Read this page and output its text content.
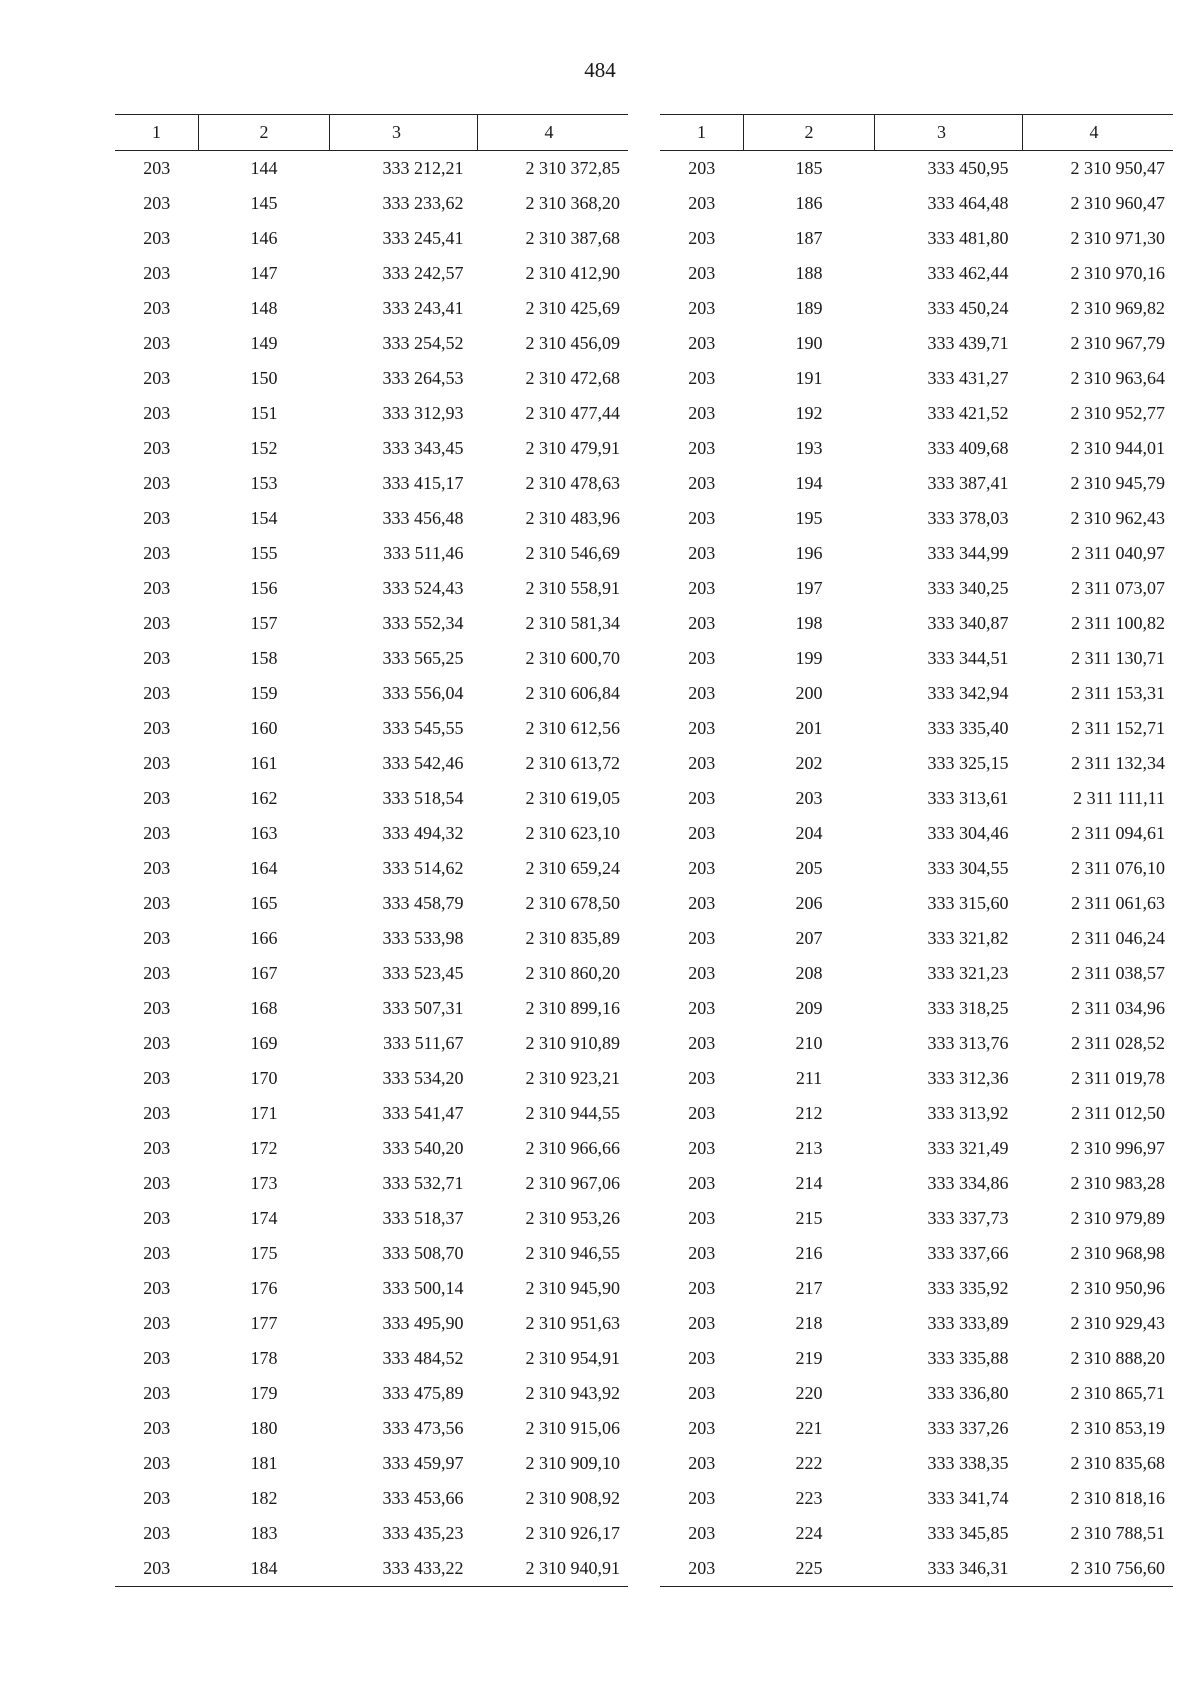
484
1	2	3	4
203	144	333 212,21	2 310 372,85
203	145	333 233,62	2 310 368,20
203	146	333 245,41	2 310 387,68
203	147	333 242,57	2 310 412,90
203	148	333 243,41	2 310 425,69
203	149	333 254,52	2 310 456,09
203	150	333 264,53	2 310 472,68
203	151	333 312,93	2 310 477,44
203	152	333 343,45	2 310 479,91
203	153	333 415,17	2 310 478,63
203	154	333 456,48	2 310 483,96
203	155	333 511,46	2 310 546,69
203	156	333 524,43	2 310 558,91
203	157	333 552,34	2 310 581,34
203	158	333 565,25	2 310 600,70
203	159	333 556,04	2 310 606,84
203	160	333 545,55	2 310 612,56
203	161	333 542,46	2 310 613,72
203	162	333 518,54	2 310 619,05
203	163	333 494,32	2 310 623,10
203	164	333 514,62	2 310 659,24
203	165	333 458,79	2 310 678,50
203	166	333 533,98	2 310 835,89
203	167	333 523,45	2 310 860,20
203	168	333 507,31	2 310 899,16
203	169	333 511,67	2 310 910,89
203	170	333 534,20	2 310 923,21
203	171	333 541,47	2 310 944,55
203	172	333 540,20	2 310 966,66
203	173	333 532,71	2 310 967,06
203	174	333 518,37	2 310 953,26
203	175	333 508,70	2 310 946,55
203	176	333 500,14	2 310 945,90
203	177	333 495,90	2 310 951,63
203	178	333 484,52	2 310 954,91
203	179	333 475,89	2 310 943,92
203	180	333 473,56	2 310 915,06
203	181	333 459,97	2 310 909,10
203	182	333 453,66	2 310 908,92
203	183	333 435,23	2 310 926,17
203	184	333 433,22	2 310 940,91
1	2	3	4
203	185	333 450,95	2 310 950,47
203	186	333 464,48	2 310 960,47
203	187	333 481,80	2 310 971,30
203	188	333 462,44	2 310 970,16
203	189	333 450,24	2 310 969,82
203	190	333 439,71	2 310 967,79
203	191	333 431,27	2 310 963,64
203	192	333 421,52	2 310 952,77
203	193	333 409,68	2 310 944,01
203	194	333 387,41	2 310 945,79
203	195	333 378,03	2 310 962,43
203	196	333 344,99	2 311 040,97
203	197	333 340,25	2 311 073,07
203	198	333 340,87	2 311 100,82
203	199	333 344,51	2 311 130,71
203	200	333 342,94	2 311 153,31
203	201	333 335,40	2 311 152,71
203	202	333 325,15	2 311 132,34
203	203	333 313,61	2 311 111,11
203	204	333 304,46	2 311 094,61
203	205	333 304,55	2 311 076,10
203	206	333 315,60	2 311 061,63
203	207	333 321,82	2 311 046,24
203	208	333 321,23	2 311 038,57
203	209	333 318,25	2 311 034,96
203	210	333 313,76	2 311 028,52
203	211	333 312,36	2 311 019,78
203	212	333 313,92	2 311 012,50
203	213	333 321,49	2 310 996,97
203	214	333 334,86	2 310 983,28
203	215	333 337,73	2 310 979,89
203	216	333 337,66	2 310 968,98
203	217	333 335,92	2 310 950,96
203	218	333 333,89	2 310 929,43
203	219	333 335,88	2 310 888,20
203	220	333 336,80	2 310 865,71
203	221	333 337,26	2 310 853,19
203	222	333 338,35	2 310 835,68
203	223	333 341,74	2 310 818,16
203	224	333 345,85	2 310 788,51
203	225	333 346,31	2 310 756,60
